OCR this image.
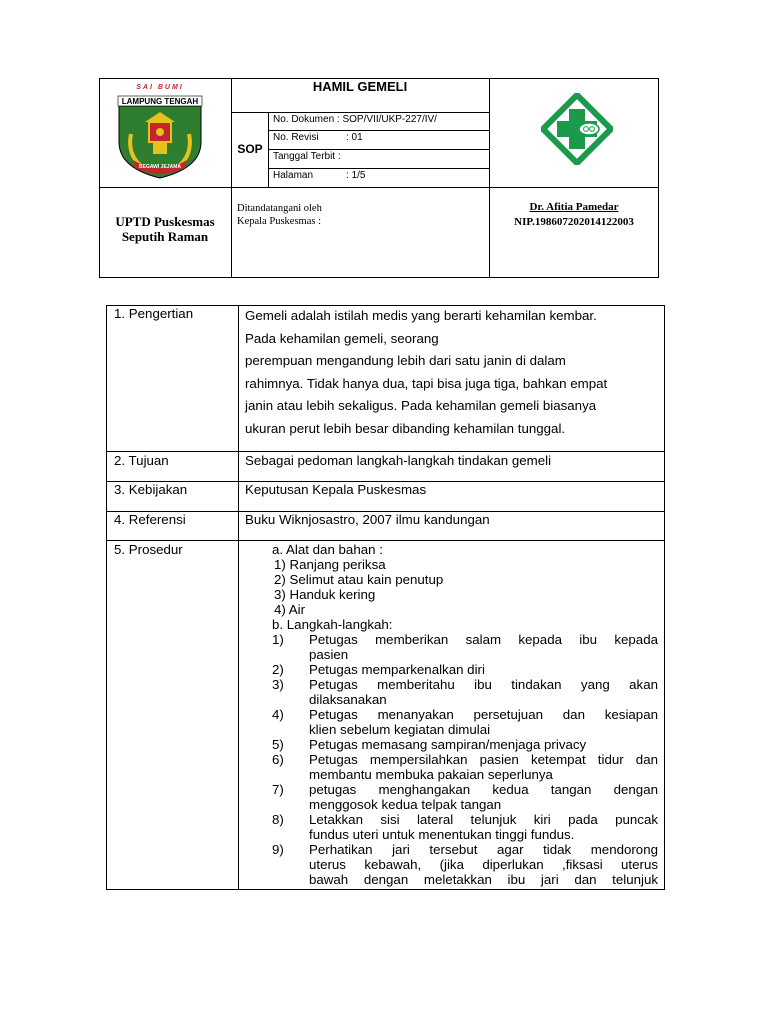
SAI BUMI
LAMPUNG TENGAH
BEGAWI JEJAMA
HAMIL GEMELI
SOP
No. Dokumen : SOP/VII/UKP-227/IV/
No. Revisi	: 01
Tanggal Terbit :
Halaman	: 1/5
UPTD Puskesmas
Seputih Raman
Ditandatangani oleh
Kepala Puskesmas :
Dr. Afitia Pamedar
NIP.198607202014122003
1. Pengertian	Gemeli adalah istilah medis yang berarti kehamilan kembar.
Pada kehamilan gemeli, seorang
perempuan mengandung lebih dari satu janin di dalam
rahimnya. Tidak hanya dua, tapi bisa juga tiga, bahkan empat
janin atau lebih sekaligus. Pada kehamilan gemeli biasanya
ukuran perut lebih besar dibanding kehamilan tunggal.
2. Tujuan	Sebagai pedoman langkah-langkah tindakan gemeli
3. Kebijakan	Keputusan Kepala Puskesmas
4. Referensi	Buku Wiknjosastro, 2007 ilmu kandungan
5. Prosedur	a. Alat dan bahan :
1) Ranjang periksa
2) Selimut atau kain penutup
3) Handuk kering
4) Air
b. Langkah-langkah:
1) Petugas memberikan salam kepada ibu kepada
pasien
2) Petugas memparkenalkan diri
3) Petugas memberitahu ibu tindakan yang akan
dilaksanakan
4) Petugas menanyakan persetujuan dan kesiapan
klien sebelum kegiatan dimulai
5) Petugas memasang sampiran/menjaga privacy
6) Petugas mempersilahkan pasien ketempat tidur dan
membantu membuka pakaian seperlunya
7) petugas menghangakan kedua tangan dengan
menggosok kedua telpak tangan
8) Letakkan sisi lateral telunjuk kiri pada puncak
fundus uteri untuk menentukan tinggi fundus.
9) Perhatikan jari tersebut agar tidak mendorong
uterus kebawah, (jika diperlukan ,fiksasi uterus
bawah dengan meletakkan ibu jari dan telunjuk
